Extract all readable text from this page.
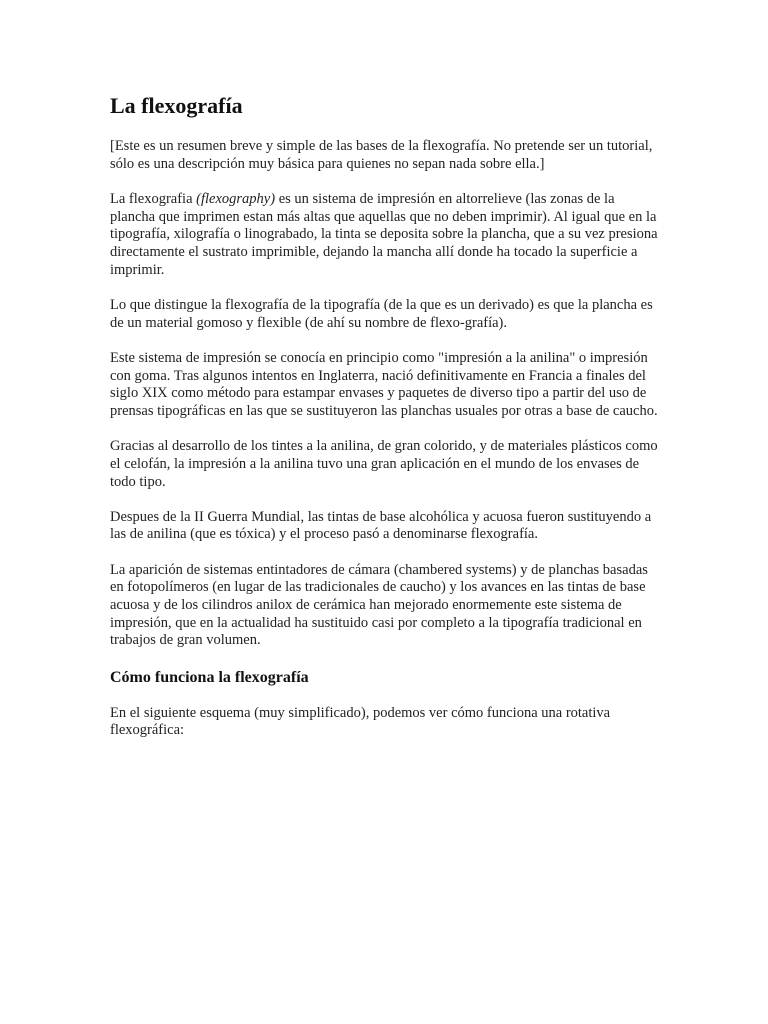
La flexografía

[Este es un resumen breve y simple de las bases de la flexografía. No pretende ser un tutorial, sólo es una descripción muy básica para quienes no sepan nada sobre ella.]

La flexografia (flexography) es un sistema de impresión en altorrelieve (las zonas de la plancha que imprimen estan más altas que aquellas que no deben imprimir). Al igual que en la tipografía, xilografía o linograbado, la tinta se deposita sobre la plancha, que a su vez presiona directamente el sustrato imprimible, dejando la mancha allí donde ha tocado la superficie a imprimir.

Lo que distingue la flexografía de la tipografía (de la que es un derivado) es que la plancha es de un material gomoso y flexible (de ahí su nombre de flexo-grafía).

Este sistema de impresión se conocía en principio como "impresión a la anilina" o impresión con goma. Tras algunos intentos en Inglaterra, nació definitivamente en Francia a finales del siglo XIX como método para estampar envases y paquetes de diverso tipo a partir del uso de prensas tipográficas en las que se sustituyeron las planchas usuales por otras a base de caucho.

Gracias al desarrollo de los tintes a la anilina, de gran colorido, y de materiales plásticos como el celofán, la impresión a la anilina tuvo una gran aplicación en el mundo de los envases de todo tipo.

Despues de la II Guerra Mundial, las tintas de base alcohólica y acuosa fueron sustituyendo a las de anilina (que es tóxica) y el proceso pasó a denominarse flexografía.

La aparición de sistemas entintadores de cámara (chambered systems) y de planchas basadas en fotopolímeros (en lugar de las tradicionales de caucho) y los avances en las tintas de base acuosa y de los cilindros anilox de cerámica han mejorado enormemente este sistema de impresión, que en la actualidad ha sustituido casi por completo a la tipografía tradicional en trabajos de gran volumen.

Cómo funciona la flexografía

En el siguiente esquema (muy simplificado), podemos ver cómo funciona una rotativa flexográfica:
